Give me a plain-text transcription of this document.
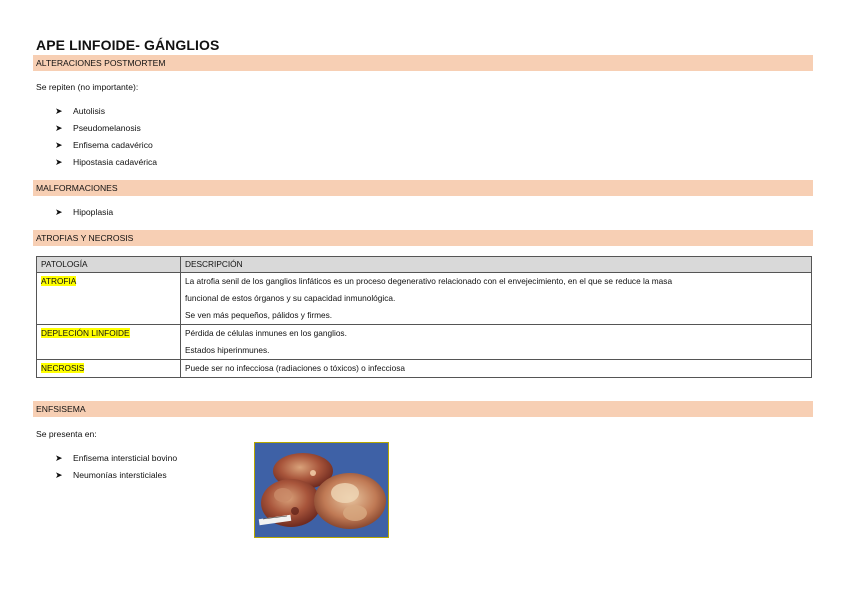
APE LINFOIDE- GÁNGLIOS
ALTERACIONES POSTMORTEM
Se repiten (no importante):
➤ Autolisis
➤ Pseudomelanosis
➤ Enfisema cadavérico
➤ Hipostasia cadavérica
MALFORMACIONES
➤ Hipoplasia
ATROFIAS Y NECROSIS
PATOLOGÍA	DESCRIPCIÓN
ATROFIA	La atrofia senil de los ganglios linfáticos es un proceso degenerativo relacionado con el envejecimiento, en el que se reduce la masa
funcional de estos órganos y su capacidad inmunológica.
Se ven más pequeños, pálidos y firmes.

DEPLECIÓN LINFOIDE	Pérdida de células inmunes en los ganglios.
Estados hiperinmunes.

NECROSIS	Puede ser no infecciosa (radiaciones o tóxicos) o infecciosa
ENFSISEMA
Se presenta en:
➤ Enfisema intersticial bovino
➤ Neumonías intersticiales
